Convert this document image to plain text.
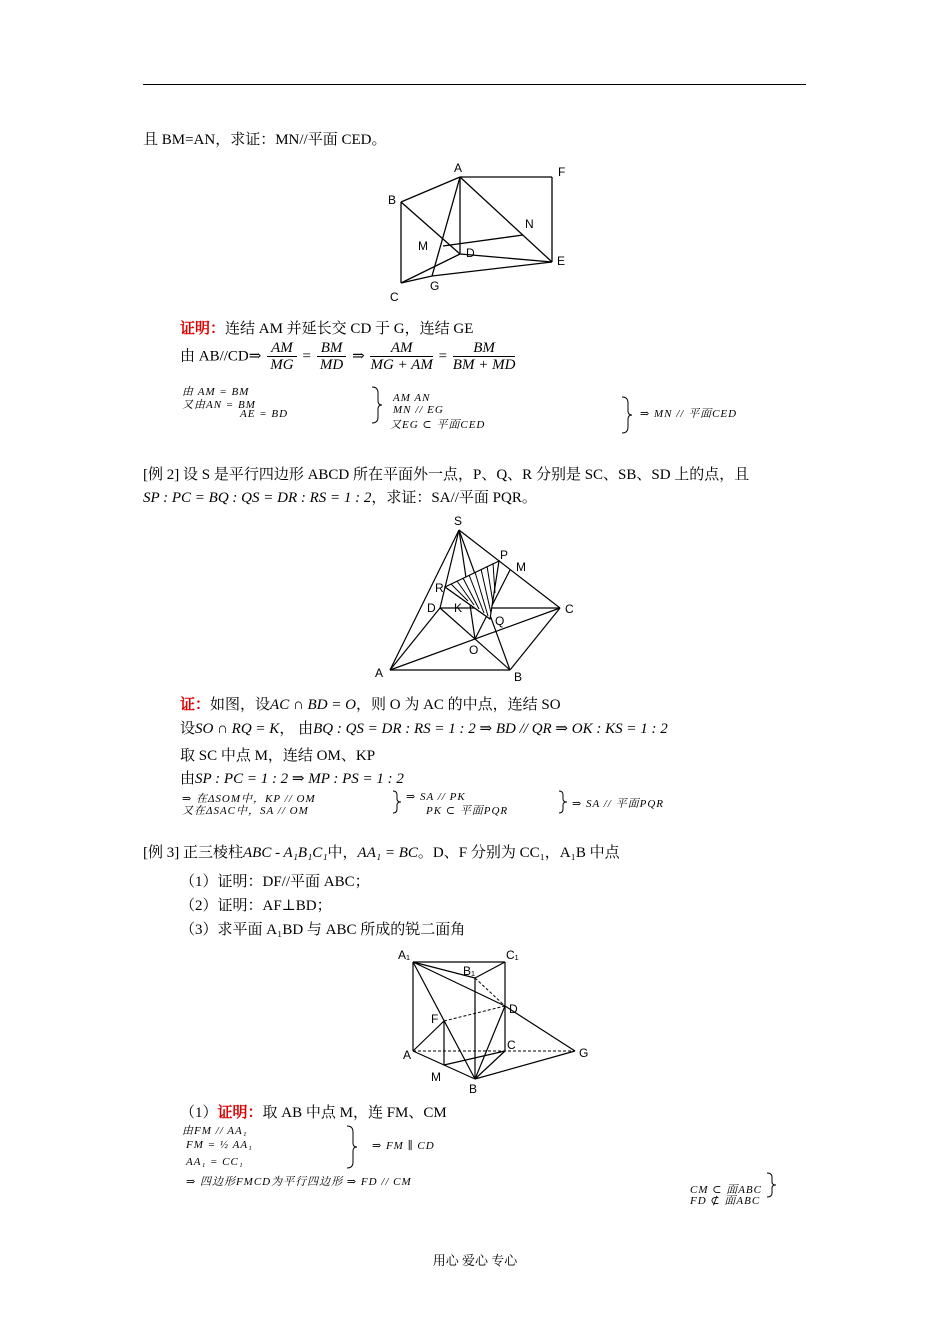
且 BM=AN，求证：MN//平面 CED。
A	F
B
N
M	D
E
C
G
证明：连结 AM 并延长交 CD 于 G，连结 GE
由 AB//CD⇒ $\frac{AM}{MG} = \frac{BM}{MD}$ ⇒ $\frac{AM}{MG + AM} = \frac{BM}{BM + MD}$
由 AM = BM
又由AN = BM
AE = BD
AM AN
MN // EG
又EG ⊂ 平面CED
⇒ MN // 平面CED
[例 2] 设 S 是平行四边形 ABCD 所在平面外一点，P、Q、R 分别是 SC、SB、SD 上的点，且
SP : PC = BQ : QS = DR : RS = 1 : 2，求证：SA//平面 PQR。
S
P
M
R
D K	C
Q
O
A	B
证：如图，设AC ∩ BD = O，则 O 为 AC 的中点，连结 SO
设SO ∩ RQ = K， 由BQ : QS = DR : RS = 1 : 2 ⇒ BD // QR ⇒ OK : KS = 1 : 2
取 SC 中点 M，连结 OM、KP
由SP : PC = 1 : 2 ⇒ MP : PS = 1 : 2
⇒ 在ΔSOM中，KP // OM
又在ΔSAC中，SA // OM
⇒ SA // PK
PK ⊂ 平面PQR
⇒ SA // 平面PQR
[例 3] 正三棱柱ABC - A₁B₁C₁中，AA₁ = BC。D、F 分别为 CC₁，A₁B 中点
（1）证明：DF//平面 ABC；
（2）证明：AF⊥BD；
（3）求平面 A₁BD 与 ABC 所成的锐二面角
A₁	C₁
B₁
D
F
A
C
G
M
B
（1）证明：取 AB 中点 M，连 FM、CM
由FM // AA₁
FM = ½ AA₁
AA₁ = CC₁
⇒ FM ∥ CD
⇒ 四边形FMCD为平行四边形 ⇒ FD // CM
CM ⊂ 面ABC
FD ⊄ 面ABC
用心 爱心 专心
